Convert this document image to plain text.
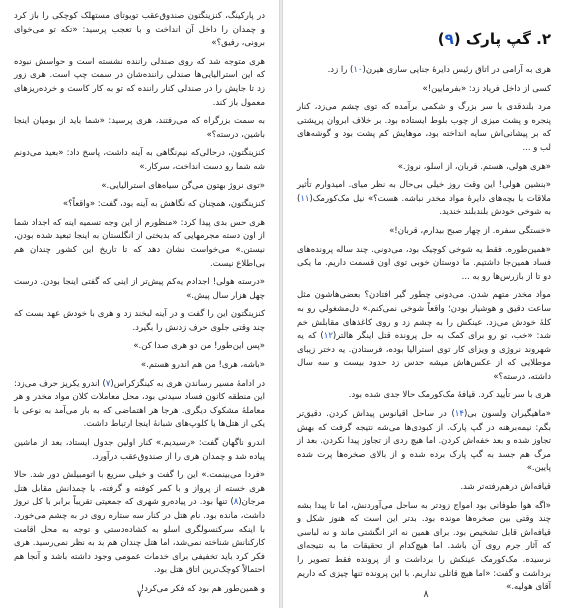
۲. گپ پارک (۹)

هری به آرامی در اتاق رئیس دایرهٔ جنایی ساری هیرن(۱۰) را زد.

کسی از داخل فریاد زد: «بفرمایین!»

مرد بلندقدی با سر بزرگ و شکمی برآمده که توی چشم می‌زد، کنار پنجره و پشت میزی از چوب بلوط ایستاده بود. بر خلاف ابروان پرپشتی که بر پیشانی‌اش سایه انداخته بود، موهایش کم پشت بود و گوشه‌های لب و ...

«هری هولی، هستم. قربان، از اسلو، نروژ.»

«بنشین هولی! این وقت روز خیلی بی‌حال به نظر میای. امیدوارم تأثیر ملاقات با بچه‌های دایرهٔ مواد مخدر نباشه. هست؟» نیل مک‌کورمک(۱۱) به شوخی خودش بلندبلند خندید.

«خستگی سفره. از چهار صبح بیدارم، قربان!»

«همین‌طوره. فقط یه شوخی کوچیک بود، می‌دونی. چند ساله پرونده‌های فساد همین‌جا داشتیم. ما دوستان خوبی توی اون قسمت داریم. ما یکی دو تا از بازرس‌ها رو به ...

مواد مخدر متهم شدن. می‌دونی چطور گیر افتادن؟ بعضی‌هاشون مثل ساعت دقیق و هوشیار بودن؛ واقعاً شوخی نمی‌کنم.» دل‌مشغولی رو به کلهٔ خودش می‌زد. عینکش را به چشم زد و روی کاغذهای مقابلش خم شد: «خب، تو رو برای کمک به حل پرونده قتل اینگر هالتر(۱۲) که یه شهروند نروژی و ویزای کار توی استرالیا بوده، فرستادن. یه دختر زیبای موطلایی که از عکس‌هاش میشه حدس زد حدود بیست و سه سال داشته، درسته؟»

هری با سر تأیید کرد. قیافهٔ مک‌کورمک حالا جدی شده بود.

«ماهیگیران ولسون بی(۱۴) در ساحل اقیانوس پیداش کردن. دقیق‌تر بگم: نیمه‌برهنه در گپ پارک. از کبودی‌ها می‌شه نتیجه گرفت که بهش تجاوز شده و بعد خفه‌اش کردن. اما هیچ ردی از تجاوز پیدا نکردن. بعد از مرگ هم جسد به گپ پارک برده شده و از بالای صخره‌ها پرت شده پایین.»

قیافه‌اش درهم‌رفته‌تر شد.

«اگه هوا طوفانی بود امواج زودتر به ساحل می‌آوردنش، اما تا پیدا بشه چند وقتی بین صخره‌ها مونده بود. بدتر این است که هنوز شکل و قیافه‌اش قابل تشخیص بود. برای همین نه اثر انگشتی ماند و نه لباسی که آثار جرم روی آن باشد. اما هیچ‌کدام از تحقیقات ما به نتیجه‌ای نرسیده. مک‌کورمک عینکش را برداشت و از پرونده فقط تصویر را برداشت و گفت: «اما هیچ قاتلی نداریم. با این پرونده تنها چیزی که داریم آقای هولیه.»

۸

در پارکینگ، کنزینگتون صندوق‌عقب تویوتای مستهلک کوچکی را باز کرد و چمدان را داخل آن انداخت و با تعجب پرسید: «تکه تو می‌خوای برونی، رفیق؟»

هری متوجه شد که روی صندلی راننده نشسته است و حواسش نبوده که این استرالیایی‌ها صندلی راننده‌شان در سمت چپ است. هری زور زد تا جایش را در صندلی کنار راننده که تو به کار کاست و خرده‌ریزهای معمول باز کند.

به سمت بزرگراه که می‌رفتند، هری پرسید: «شما باید از بومیان اینجا باشین، درسته؟»

کنزینگتون، درحالی‌که نیم‌نگاهی به آینه داشت، پاسخ داد: «بعید می‌دونم شه شما رو دست انداخت، سرکار.»

«توی نروژ بهتون می‌گن سیاه‌های استرالیایی.»

کنزینگتون، همچنان که نگاهش به آینه بود، گفت: «واقعاً؟»

هری حس بدی پیدا کرد: «منظورم از این وجه تسمیه اینه که اجداد شما از اون دسته مجرمهایی که بدبختی از انگلستان به اینجا تبعید شده بودن، نیستن.» می‌خواست نشان دهد که تا تاریخ این کشور چندان هم بی‌اطلاع نیست.

«درسته هولی! اجدادم یه‌کم پیش‌تر از اینی که گفتی اینجا بودن. درست چهل هزار سال پیش.»

کنزینگتون این را گفت و در آینه لبخند زد و هری با خودش عهد بست که چند وقتی جلوی حرف زدنش را بگیرد.

«پس این‌طور! من دو هری صدا کن.»

«باشه، هری! من هم اندرو هستم.»

در ادامهٔ مسیر رساندن هری به کینگزکراس(۷) اندرو یکریز حرف می‌زد: این منطقه کانون فساد سیدنی بود، محل معاملات کلان مواد مخدر و هر معاملهٔ مشکوک دیگری. هرجا هر اهتماضی که به بار می‌آمد به نوعی با یکی از هتل‌ها یا کلوپ‌های شبانهٔ اینجا ارتباط داشت.

اندرو ناگهان گفت: «رسیدیم.» کنار اولین جدول ایستاد، بعد از ماشین پیاده شد و چمدان هری را از صندوق‌عقب درآورد.

«فردا می‌بینمت.» این را گفت و خیلی سریع با اتومبیلش دور شد. حالا هری خسته از پرواز و با کمر کوفته و گرفته، با چمدانش مقابل هتل مرجان(۸) تنها بود. در پیاده‌رو شهری که جمعیتی تقریباً برابر با کل نروژ داشت، مانده بود. نام هتل در کنار سه ستاره روی در به چشم می‌خورد. با اینکه سرکنسولگری اسلو به کشاده‌دستی و توجه به محل اقامت کارکنانش شناخته نمی‌شد، اما هتل چندان هم بد به نظر نمی‌رسید. هری فکر کرد باید تخفیفی برای خدمات عمومی وجود داشته باشد و آنجا هم احتمالاً کوچک‌ترین اتاق هتل بود.

و همین‌طور هم بود که فکر می‌کرد!

۷
